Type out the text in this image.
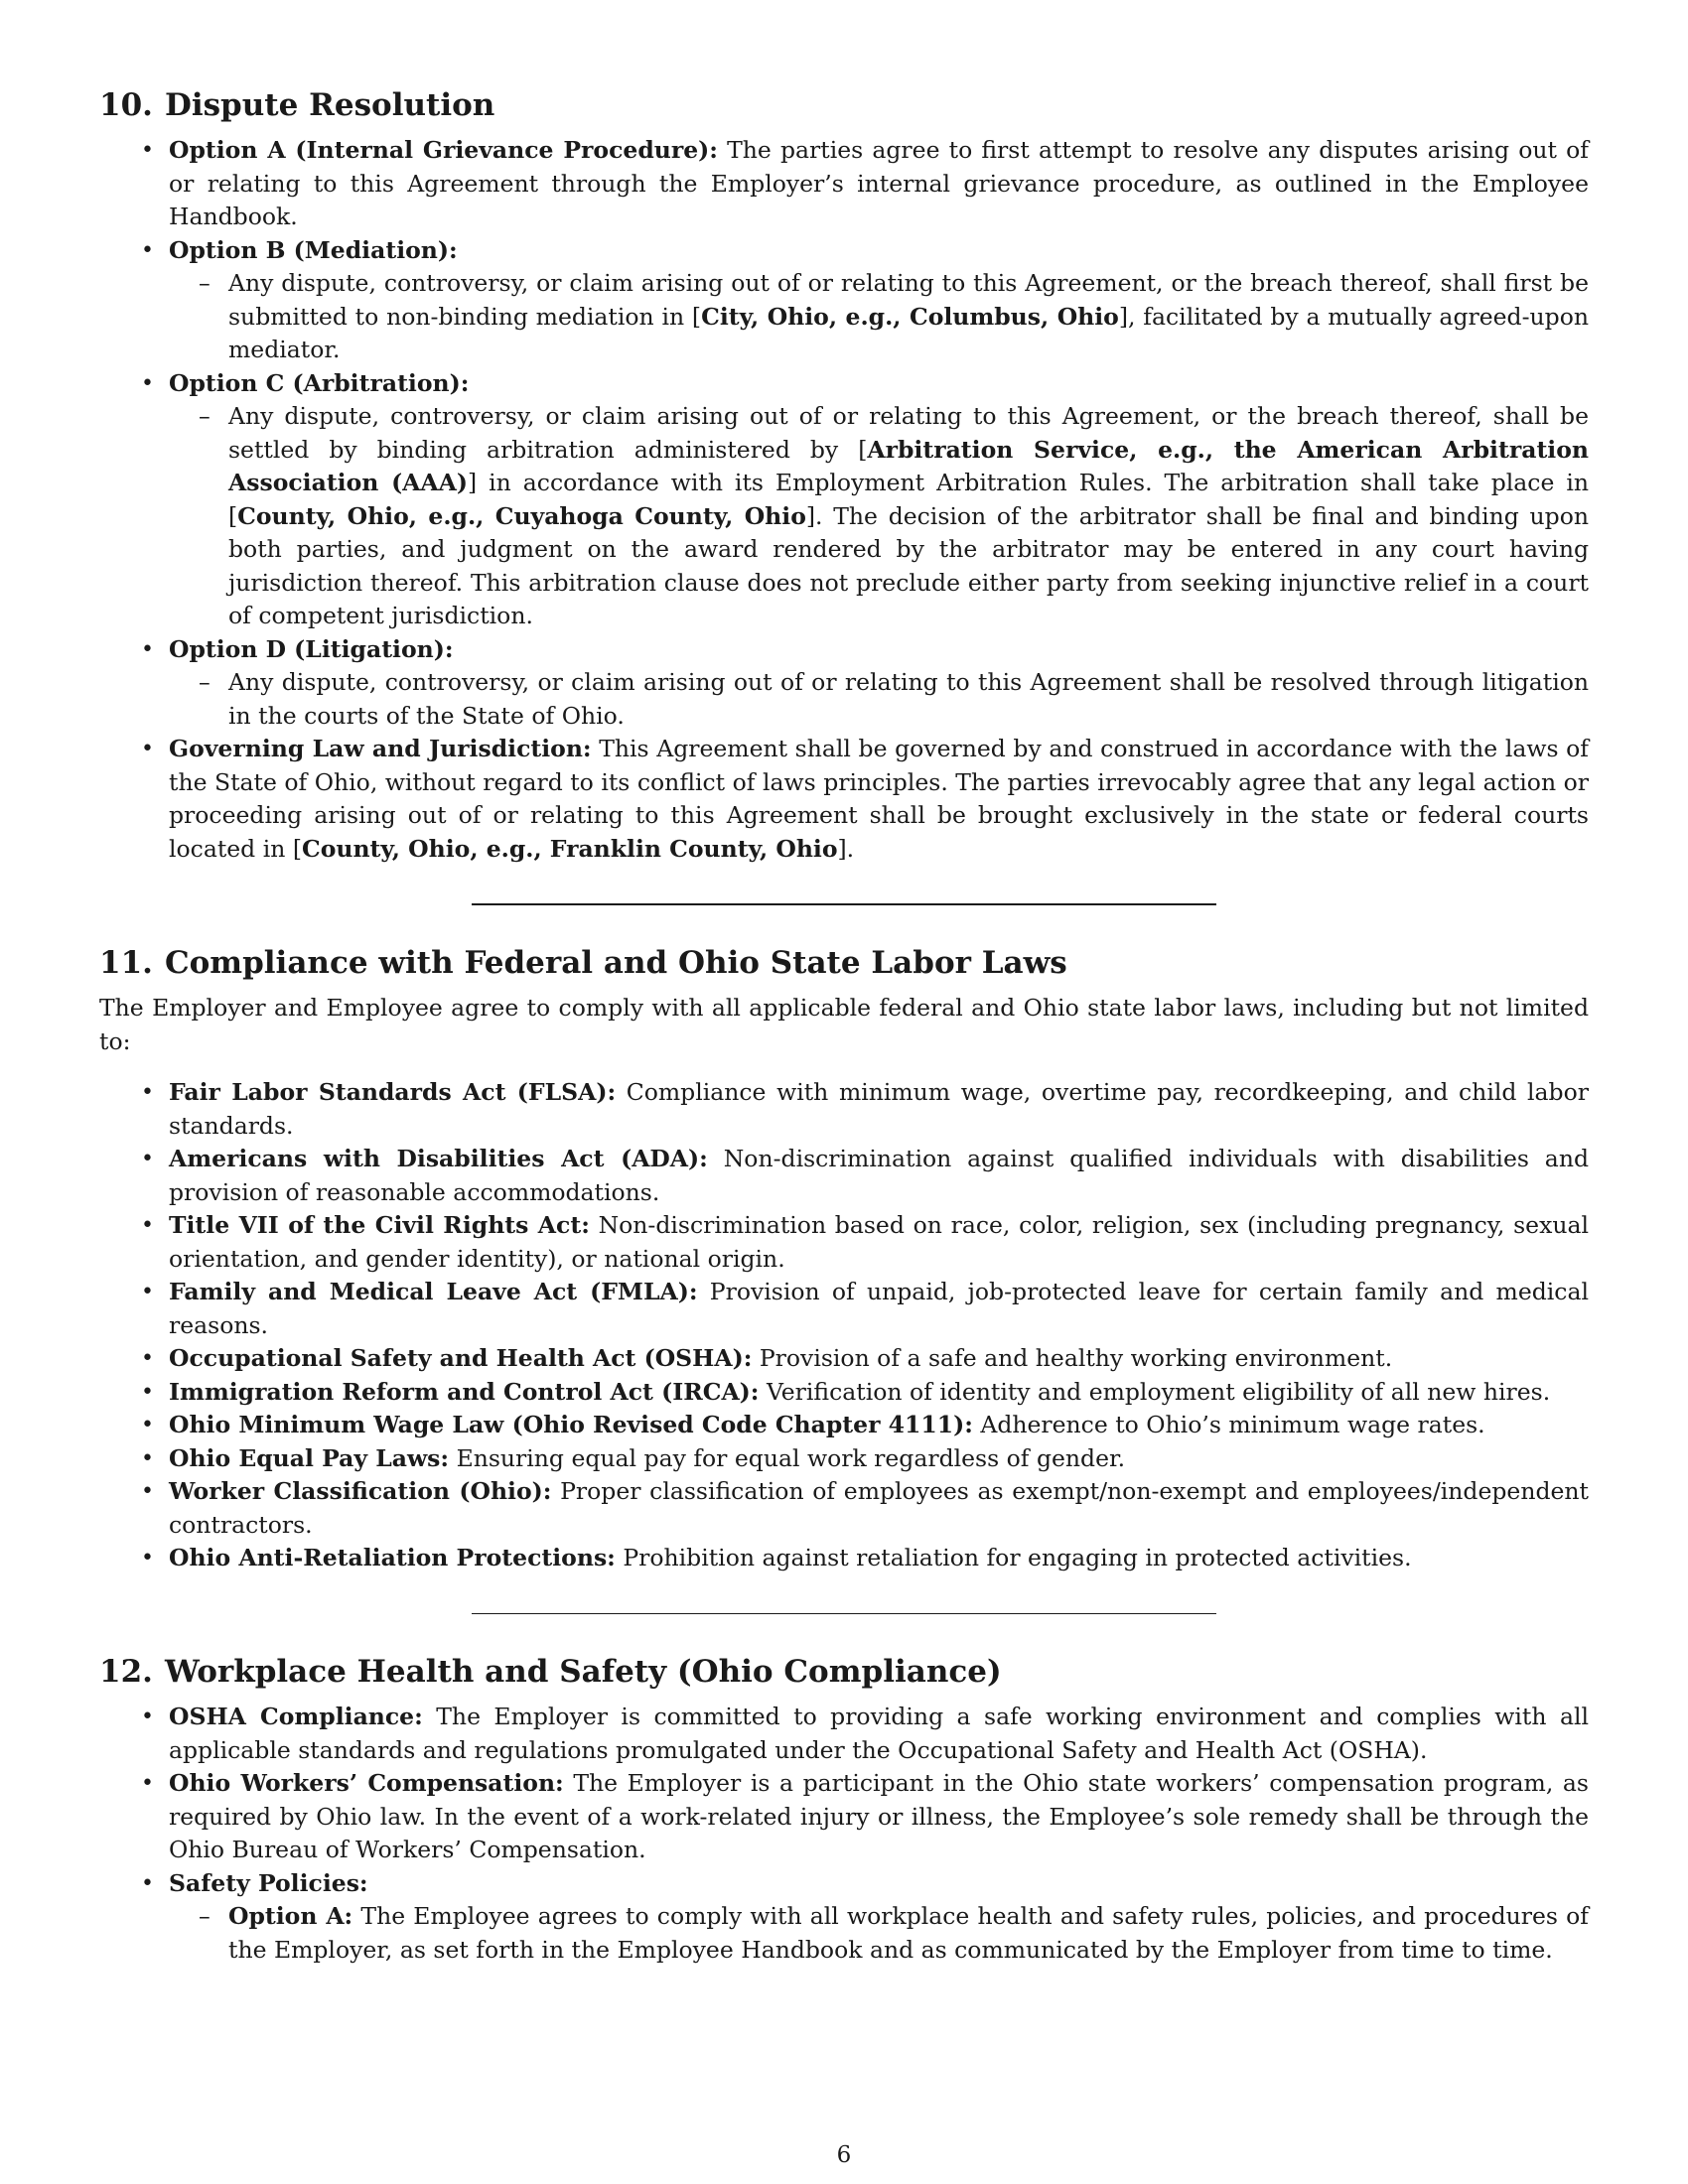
10. Dispute Resolution
• Option A (Internal Grievance Procedure): The parties agree to first attempt to resolve any disputes arising out of or relating to this Agreement through the Employer’s internal grievance procedure, as outlined in the Employee Handbook.
• Option B (Mediation):
– Any dispute, controversy, or claim arising out of or relating to this Agreement, or the breach thereof, shall first be submitted to non-binding mediation in [City, Ohio, e.g., Columbus, Ohio], facilitated by a mutually agreed-upon mediator.
• Option C (Arbitration):
– Any dispute, controversy, or claim arising out of or relating to this Agreement, or the breach thereof, shall be settled by binding arbitration administered by [Arbitration Service, e.g., the American Arbitration Association (AAA)] in accordance with its Employment Arbitration Rules. The arbitration shall take place in [County, Ohio, e.g., Cuyahoga County, Ohio]. The decision of the arbitrator shall be final and binding upon both parties, and judgment on the award rendered by the arbitrator may be entered in any court having jurisdiction thereof. This arbitration clause does not preclude either party from seeking injunctive relief in a court of competent jurisdiction.
• Option D (Litigation):
– Any dispute, controversy, or claim arising out of or relating to this Agreement shall be resolved through litigation in the courts of the State of Ohio.
• Governing Law and Jurisdiction: This Agreement shall be governed by and construed in accordance with the laws of the State of Ohio, without regard to its conflict of laws principles. The parties irrevocably agree that any legal action or proceeding arising out of or relating to this Agreement shall be brought exclusively in the state or federal courts located in [County, Ohio, e.g., Franklin County, Ohio].
11. Compliance with Federal and Ohio State Labor Laws

The Employer and Employee agree to comply with all applicable federal and Ohio state labor laws, including but not limited to:

• Fair Labor Standards Act (FLSA): Compliance with minimum wage, overtime pay, recordkeeping, and child labor standards.
• Americans with Disabilities Act (ADA): Non-discrimination against qualified individuals with disabilities and provision of reasonable accommodations.
• Title VII of the Civil Rights Act: Non-discrimination based on race, color, religion, sex (including pregnancy, sexual orientation, and gender identity), or national origin.
• Family and Medical Leave Act (FMLA): Provision of unpaid, job-protected leave for certain family and medical reasons.
• Occupational Safety and Health Act (OSHA): Provision of a safe and healthy working environment.
• Immigration Reform and Control Act (IRCA): Verification of identity and employment eligibility of all new hires.
• Ohio Minimum Wage Law (Ohio Revised Code Chapter 4111): Adherence to Ohio’s minimum wage rates.
• Ohio Equal Pay Laws: Ensuring equal pay for equal work regardless of gender.
• Worker Classification (Ohio): Proper classification of employees as exempt/non-exempt and employees/independent contractors.
• Ohio Anti-Retaliation Protections: Prohibition against retaliation for engaging in protected activities.
12. Workplace Health and Safety (Ohio Compliance)
• OSHA Compliance: The Employer is committed to providing a safe working environment and complies with all applicable standards and regulations promulgated under the Occupational Safety and Health Act (OSHA).
• Ohio Workers’ Compensation: The Employer is a participant in the Ohio state workers’ compensation program, as required by Ohio law. In the event of a work-related injury or illness, the Employee’s sole remedy shall be through the Ohio Bureau of Workers’ Compensation.
• Safety Policies:
– Option A: The Employee agrees to comply with all workplace health and safety rules, policies, and procedures of the Employer, as set forth in the Employee Handbook and as communicated by the Employer from time to time.
6
